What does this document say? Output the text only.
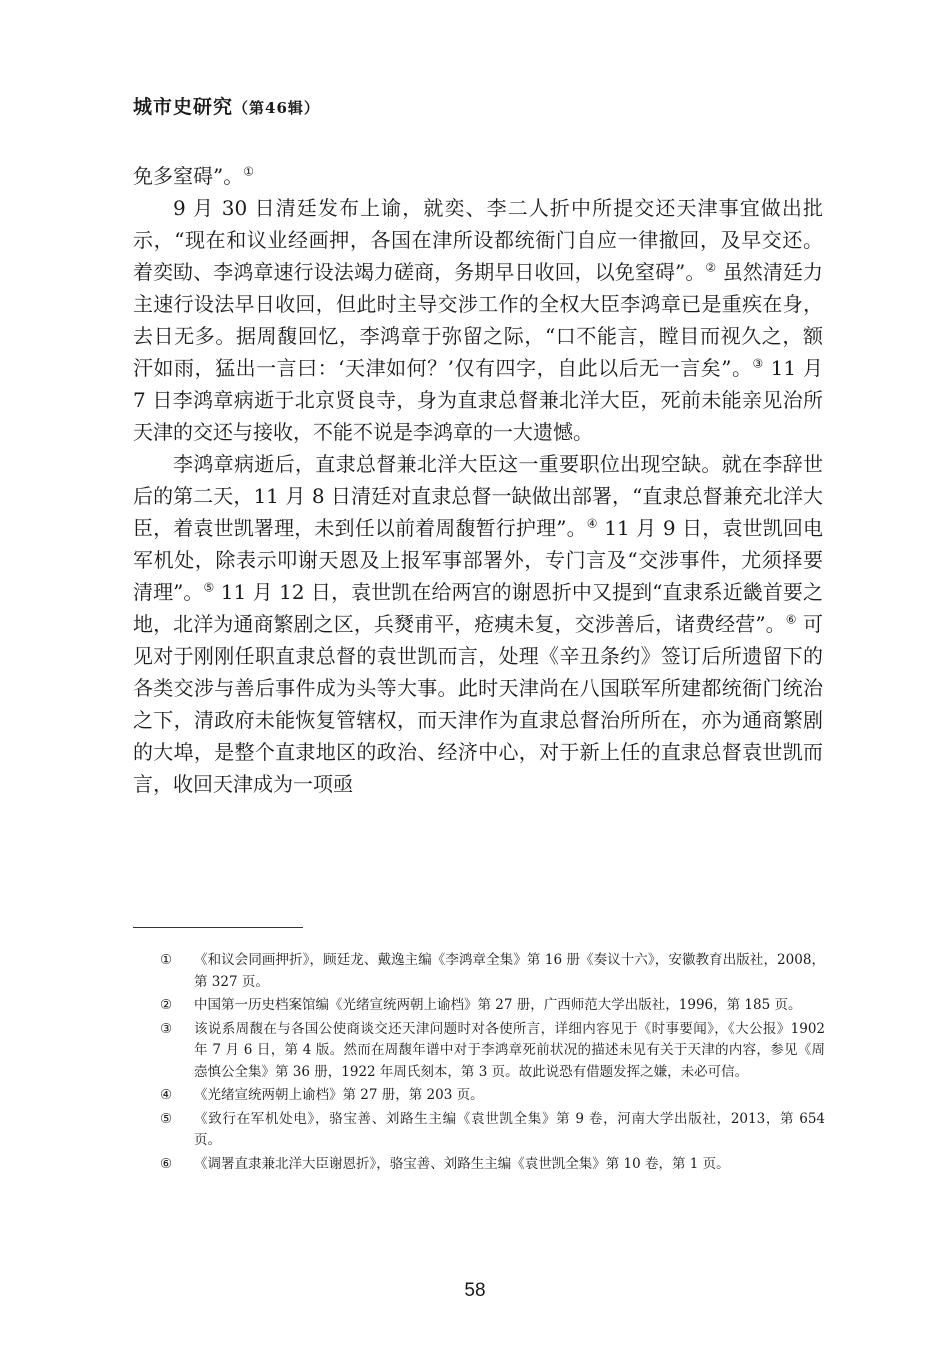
城市史研究（第46辑）

免多窒碍”。①

9 月 30 日清廷发布上谕，就奕、李二人折中所提交还天津事宜做出批示，“现在和议业经画押，各国在津所设都统衙门自应一律撤回，及早交还。着奕劻、李鸿章速行设法竭力磋商，务期早日收回，以免窒碍”。② 虽然清廷力主速行设法早日收回，但此时主导交涉工作的全权大臣李鸿章已是重疾在身，去日无多。据周馥回忆，李鸿章于弥留之际，“口不能言，瞠目而视久之，额汗如雨，猛出一言曰：‘天津如何？’仅有四字，自此以后无一言矣”。③ 11 月 7 日李鸿章病逝于北京贤良寺，身为直隶总督兼北洋大臣，死前未能亲见治所天津的交还与接收，不能不说是李鸿章的一大遗憾。

李鸿章病逝后，直隶总督兼北洋大臣这一重要职位出现空缺。就在李辞世后的第二天，11 月 8 日清廷对直隶总督一缺做出部署，“直隶总督兼充北洋大臣，着袁世凯署理，未到任以前着周馥暂行护理”。④ 11 月 9 日，袁世凯回电军机处，除表示叩谢天恩及上报军事部署外，专门言及“交涉事件，尤须择要清理”。⑤ 11 月 12 日，袁世凯在给两宫的谢恩折中又提到“直隶系近畿首要之地，北洋为通商繁剧之区，兵燹甫平，疮痍未复，交涉善后，诸费经营”。⑥ 可见对于刚刚任职直隶总督的袁世凯而言，处理《辛丑条约》签订后所遗留下的各类交涉与善后事件成为头等大事。此时天津尚在八国联军所建都统衙门统治之下，清政府未能恢复管辖权，而天津作为直隶总督治所所在，亦为通商繁剧的大埠，是整个直隶地区的政治、经济中心，对于新上任的直隶总督袁世凯而言，收回天津成为一项亟

① 《和议会同画押折》，顾廷龙、戴逸主编《李鸿章全集》第 16 册《奏议十六》，安徽教育出版社，2008，第 327 页。
② 中国第一历史档案馆编《光绪宣统两朝上谕档》第 27 册，广西师范大学出版社，1996，第 185 页。
③ 该说系周馥在与各国公使商谈交还天津问题时对各使所言，详细内容见于《时事要闻》，《大公报》1902 年 7 月 6 日，第 4 版。然而在周馥年谱中对于李鸿章死前状况的描述未见有关于天津的内容，参见《周悫慎公全集》第 36 册，1922 年周氏刻本，第 3 页。故此说恐有借题发挥之嫌，未必可信。
④ 《光绪宣统两朝上谕档》第 27 册，第 203 页。
⑤ 《致行在军机处电》，骆宝善、刘路生主编《袁世凯全集》第 9 卷，河南大学出版社，2013，第 654 页。
⑥ 《调署直隶兼北洋大臣谢恩折》，骆宝善、刘路生主编《袁世凯全集》第 10 卷，第 1 页。
58
